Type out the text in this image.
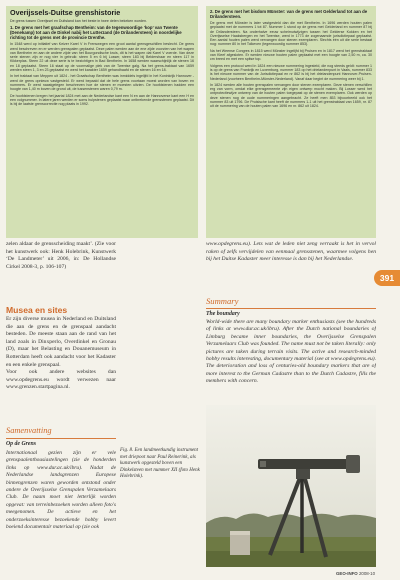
Overijssels-Duitse grenshistorie

De grens tussen Overijssel en Duitsland kan het beste in twee delen bekeken worden.

1. De grens met het graafschap Bentheim: van de tegenwoordige ‘kop’ van Twente (Denekamp) tot aan de Dinkel nabij het Lutterzand (de Drilandersteen) in noordelijke richting tot de grens met de provincie Drenthe.

In 1548 werd op initiatief van Keizer Karel V in Frenswegen een groot aantal grensgeschillen beslecht. De grens werd beschreven en er werden grenspalen geplaatst. Deze palen werden aan de ene zijde voorzien van het wapen van Bentheim en aan de andere zijde van het Bourgondische kruis, dit is het wapen dat Karel V voerde. Van deze serie stenen zijn er nog vier in gebruik: steen 5 en 6 bij Losser, steen 183 bij Beldershaar en steen 117 in Kikkerplas. Steen 22 uit deze serie is te bezichtigen in Bad Bentheim. In 1658 werden waarschijnlijk de stenen 16 en 18 geplaatst. Steen 16 staat op de voormalige plek van de Twentse galg. Na het grens-traktaat van 1659 werden steen 1, 3 en 23 geplaatst en werd het karakter 1659 gehandhaafd en de stenen 16 en 18.

In het traktaat van Meppen uit 1824 - het Graafschap Bentheim was inmiddels ingelijfd in het Koninkrijk Hannover - werd de grens opnieuw vastgesteld. Er werd bepaald dat de hele grens voortaan moest worden van boven en nummers. Er werd naastgelegen beschreven hoe de stenen er moesten uitzien. De hoofdstenen hadden een hoogte van 1,40 m boven de grond uit, de tussenstenen waren 0,79 m.

De hoofdstenen kregen het jaartal 1824 met aan de Nederlandse kant een N en aan de Hannoverse kant een H en een volgnummer. In latere jaren werden er soms hulpstenen geplaatst waar ontbrekende grensstenen geplaatst. Dit is bij de laatste grenscorrectie nog plaats in 1992.

2. De grens met het bisdom Münster: van de grens met Gelderland tot aan de Drilandersteen.

De grens met Münster is later vastgesteld dan die met Bentheim. In 1696 werden houten palen geplaatst met de nummers 1 tot 87. Nummer 1 stond op de grens met Gelderland en nummer 87 bij de Drilandersteen. Na onderhalve eeuw scheimutwijzigen tussen het Gelderse Kokken en het Overijsselse Haaksbergen en het Twentse, werd in 1773 de zogenaamde jurisdictiepaal geplaatst. Een aantal houten palen werd vervangen door stenen exemplaren. Slechts één uit die serie bestaat nog: nummer 80 in het Tolkeven (tegenwoordig nummer 853).

Na het Weense Congres in 1815 werd Münster ingelijfd bij Pruisen en in 1817 werd het grenstraktaat van Kleef afgesloten. Er werden nieuwe houten palen geplaatst met een hoogte van 2,50 m, ca. 30 cm breed en met een spitse top.

Volgens een protocol werd in 1824 een nieuwe nummering ingesteld, die nog steeds geldt: nummer 1 is op de grens van Frankrijk en Luxemburg, nummer 183 op het drielandenpunt in Vaals, nummer 833 is het nieuwe nummer van de Jurisdictiepaal en nr 862 is bij het drielandenpunt Hannover-Pruisen-Nederland (voorheen Bentheim-Münster-Nederland). Vanaf daar begint de nummering weer bij 1.

In 1824 werden alle houten grenspalen vervangen door stenen exemplaren. Deze stenen verschillen erg van vorm, omdat elke grensgemeente zijn eigen ontwerp mocht maken. Bij Losser werd het ontprotectiewijze ontwerp van de houten palen toegepast op de stenen exemplaren. Ook werden op deze stenen nog de oude nummeringen aangebracht. Ze heeft men 853 bijvoorbeeld ook het nummer 83 uit 1796. De Pruisische kant heeft de nummers 1-1 uit het grenstraktaat van 1659, nr. 87 uit de nummering van de houten palen van 1696 en nr. 862 uit 1824.

zelen aldaar de grensscheiding maakt’. (Zie voor het kunstwerk ook: Henk Holebrink, Kunstwerk ‘De Landmeter’ uit 2006, in: De Hollandse Cirkel 2008-3, p. 106-107)

Musea en sites

Er zijn diverse musea in Nederland en Duitsland die aan de grens en de grenspaal aandacht besteden. De meeste staan aan de rand van het land zoals in Dinxperlo, Overdinkel en Gronau (D), maar het Belasting en Douanemuseum in Rotterdam heeft ook aandacht voor het Kadaster en een enkele grenspaal.

Voor ook andere websites dan www.opdegrens.eu wordt verwezen naar www.grenzen.startpagina.nl.

Samenvatting
Op de Grens

Internationaal gezien zijn er vele grenspaalenthousiastelingen (zie de honderden links op www.dur.ac.uk/ibru). Nadat de Nederlandse landsgrenzen Europese binnengrenzen waren geworden ontstond onder andere de Overijsselse Grenspalen Verzamelaars Club. De naam moet niet letterlijk worden opgevat: van terreinbezoeken worden alleen foto's meegenomen. De actieve en het onderzoeksinteresse bezoekende hobby levert boeiend documentair materiaal op (zie ook

Fig. 8. Een landmeetkundig instrument met driepoot naar Paul Reinerink, als kunstwerk opgesteld boven een Dinkelsteen met nummer XII (foto Henk Holebrink).

www.opdegrens.eu). Lets wat de leden niet zeng verraakt is het in vervol raken of zelfs vervijdelen van eenmaal grensstenen, waarmee volgens hen bij het Duitse Kadaster meer interesse is dan bij het Nederlandse.

391
Summary
The boundary

World-wide there are many boundary marker enthusiasts (see the hundreds of links at www.dur.ac.uk/ibru). After the Dutch national boundaries of Limburg became inner boundaries, the Overijsselse Grenspalen Verzamelaars Club was founded. The name must not be taken literally: only pictures are taken during terrain visits. The active and research-minded hobby results interesting, documentary material (see at www.opdegrens.eu). The deterioration and loss of centuries-old boundary markers that are of more interest to the German Cadastre than to the Dutch Cadastre, fills the members with concern.

GEO-INFO 2008-10
